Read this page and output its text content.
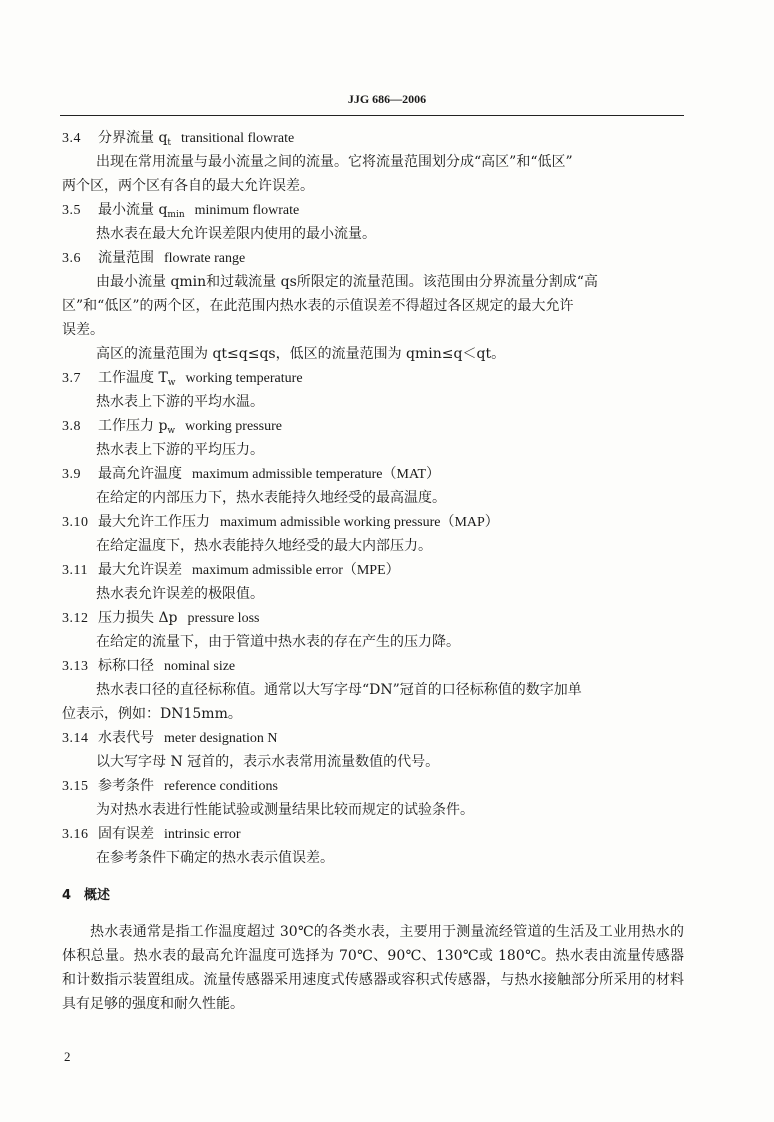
JJG 686—2006
3.4 分界流量 $q_t$ transitional flowrate
出现在常用流量与最小流量之间的流量。它将流量范围划分成“高区”和“低区”
两个区，两个区有各自的最大允许误差。
3.5 最小流量 $q_{min}$ minimum flowrate
热水表在最大允许误差限内使用的最小流量。
3.6 流量范围 flowrate range
由最小流量 qmin和过载流量 qs所限定的流量范围。该范围由分界流量分割成“高
区”和“低区”的两个区，在此范围内热水表的示值误差不得超过各区规定的最大允许
误差。
高区的流量范围为 qt≤q≤qs，低区的流量范围为 qmin≤q＜qt。
3.7 工作温度 $T_w$ working temperature
热水表上下游的平均水温。
3.8 工作压力 $p_w$ working pressure
热水表上下游的平均压力。
3.9 最高允许温度 maximum admissible temperature（MAT）
在给定的内部压力下，热水表能持久地经受的最高温度。
3.10 最大允许工作压力 maximum admissible working pressure（MAP）
在给定温度下，热水表能持久地经受的最大内部压力。
3.11 最大允许误差 maximum admissible error（MPE）
热水表允许误差的极限值。
3.12 压力损失 Δp pressure loss
在给定的流量下，由于管道中热水表的存在产生的压力降。
3.13 标称口径 nominal size
热水表口径的直径标称值。通常以大写字母“DN”冠首的口径标称值的数字加单
位表示，例如：DN15mm。
3.14 水表代号 meter designation N
以大写字母 N 冠首的，表示水表常用流量数值的代号。
3.15 参考条件 reference conditions
为对热水表进行性能试验或测量结果比较而规定的试验条件。
3.16 固有误差 intrinsic error
在参考条件下确定的热水表示值误差。
4　概述
热水表通常是指工作温度超过 30℃的各类水表，主要用于测量流经管道的生活及工业用热水的体积总量。热水表的最高允许温度可选择为 70℃、90℃、130℃或 180℃。热水表由流量传感器和计数指示装置组成。流量传感器采用速度式传感器或容积式传感器，与热水接触部分所采用的材料具有足够的强度和耐久性能。
2
